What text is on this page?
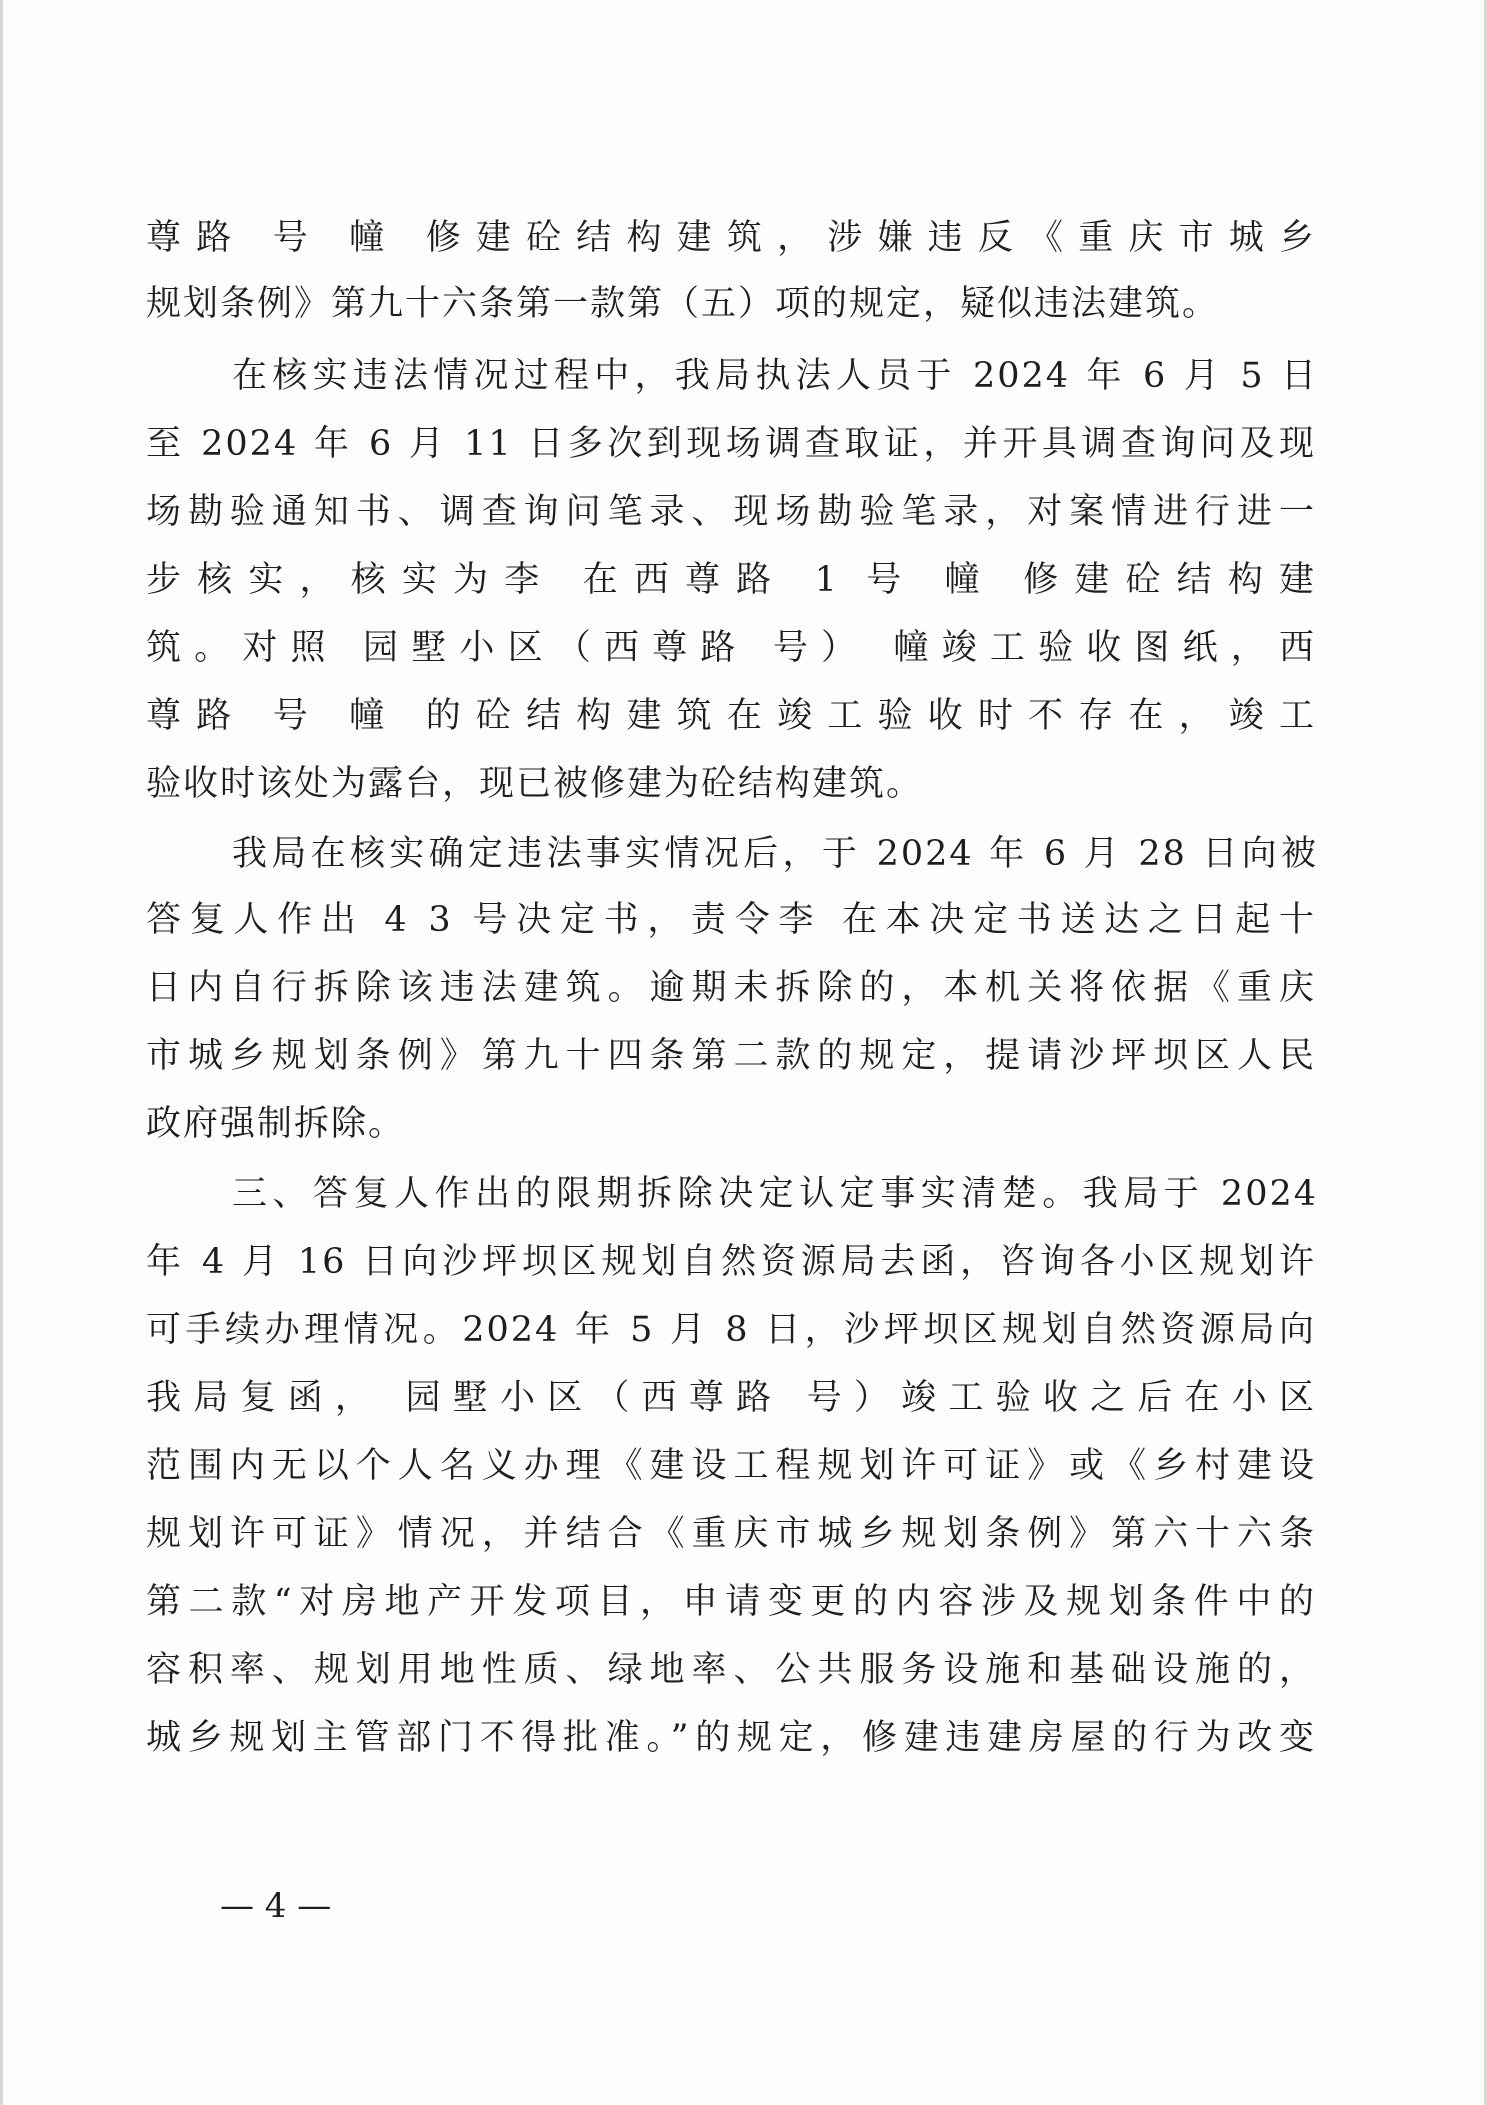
尊路 号 幢 修建砼结构建筑，涉嫌违反《重庆市城乡
规划条例》第九十六条第一款第（五）项的规定，疑似违法建筑。
在核实违法情况过程中，我局执法人员于 2024 年 6 月 5 日
至 2024 年 6 月 11 日多次到现场调查取证，并开具调查询问及现
场勘验通知书、调查询问笔录、现场勘验笔录，对案情进行进一
步核实，核实为李 在西尊路 1 号 幢 修建砼结构建
筑。对照 园墅小区（西尊路 号） 幢竣工验收图纸，西
尊路 号 幢 的砼结构建筑在竣工验收时不存在，竣工
验收时该处为露台，现已被修建为砼结构建筑。
我局在核实确定违法事实情况后，于 2024 年 6 月 28 日向被
答复人作出 4 3 号决定书，责令李 在本决定书送达之日起十
日内自行拆除该违法建筑。逾期未拆除的，本机关将依据《重庆
市城乡规划条例》第九十四条第二款的规定，提请沙坪坝区人民
政府强制拆除。
三、答复人作出的限期拆除决定认定事实清楚。我局于 2024
年 4 月 16 日向沙坪坝区规划自然资源局去函，咨询各小区规划许
可手续办理情况。2024 年 5 月 8 日，沙坪坝区规划自然资源局向
我局复函， 园墅小区（西尊路 号）竣工验收之后在小区
范围内无以个人名义办理《建设工程规划许可证》或《乡村建设
规划许可证》情况，并结合《重庆市城乡规划条例》第六十六条
第二款“对房地产开发项目，申请变更的内容涉及规划条件中的
容积率、规划用地性质、绿地率、公共服务设施和基础设施的，
城乡规划主管部门不得批准。”的规定，修建违建房屋的行为改变
— 4 —
